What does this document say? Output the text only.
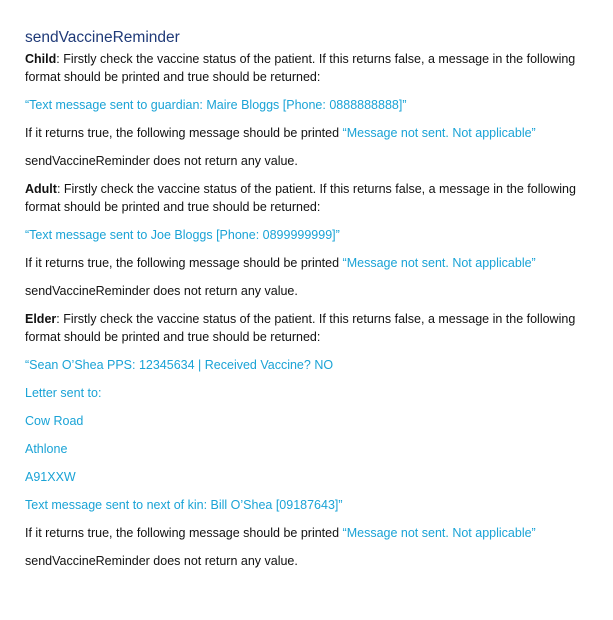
sendVaccineReminder

Child: Firstly check the vaccine status of the patient. If this returns false, a message in the following format should be printed and true should be returned:

“Text message sent to guardian: Maire Bloggs [Phone: 0888888888]”

If it returns true, the following message should be printed “Message not sent. Not applicable”

sendVaccineReminder does not return any value.

Adult: Firstly check the vaccine status of the patient. If this returns false, a message in the following format should be printed and true should be returned:

“Text message sent to Joe Bloggs [Phone: 0899999999]”

If it returns true, the following message should be printed “Message not sent. Not applicable”

sendVaccineReminder does not return any value.

Elder: Firstly check the vaccine status of the patient. If this returns false, a message in the following format should be printed and true should be returned:

“Sean O’Shea PPS: 12345634 | Received Vaccine? NO

Letter sent to:

Cow Road

Athlone

A91XXW

Text message sent to next of kin: Bill O’Shea [09187643]”

If it returns true, the following message should be printed “Message not sent. Not applicable”

sendVaccineReminder does not return any value.
